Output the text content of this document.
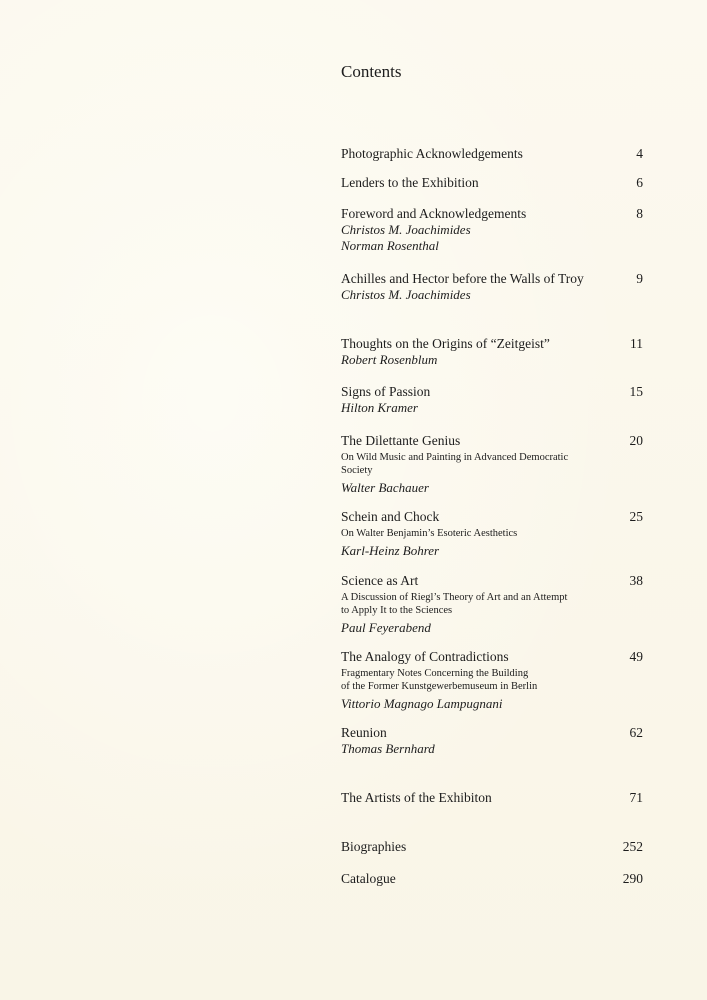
Contents
Photographic Acknowledgements	4
Lenders to the Exhibition	6
Foreword and Acknowledgements	8
Christos M. Joachimides
Norman Rosenthal
Achilles and Hector before the Walls of Troy	9
Christos M. Joachimides
Thoughts on the Origins of “Zeitgeist”	11
Robert Rosenblum
Signs of Passion	15
Hilton Kramer
The Dilettante Genius	20
On Wild Music and Painting in Advanced Democratic
Society
Walter Bachauer
Schein and Chock	25
On Walter Benjamin’s Esoteric Aesthetics
Karl-Heinz Bohrer
Science as Art	38
A Discussion of Riegl’s Theory of Art and an Attempt
to Apply It to the Sciences
Paul Feyerabend
The Analogy of Contradictions	49
Fragmentary Notes Concerning the Building
of the Former Kunstgewerbemuseum in Berlin
Vittorio Magnago Lampugnani
Reunion	62
Thomas Bernhard
The Artists of the Exhibiton	71
Biographies	252
Catalogue	290
